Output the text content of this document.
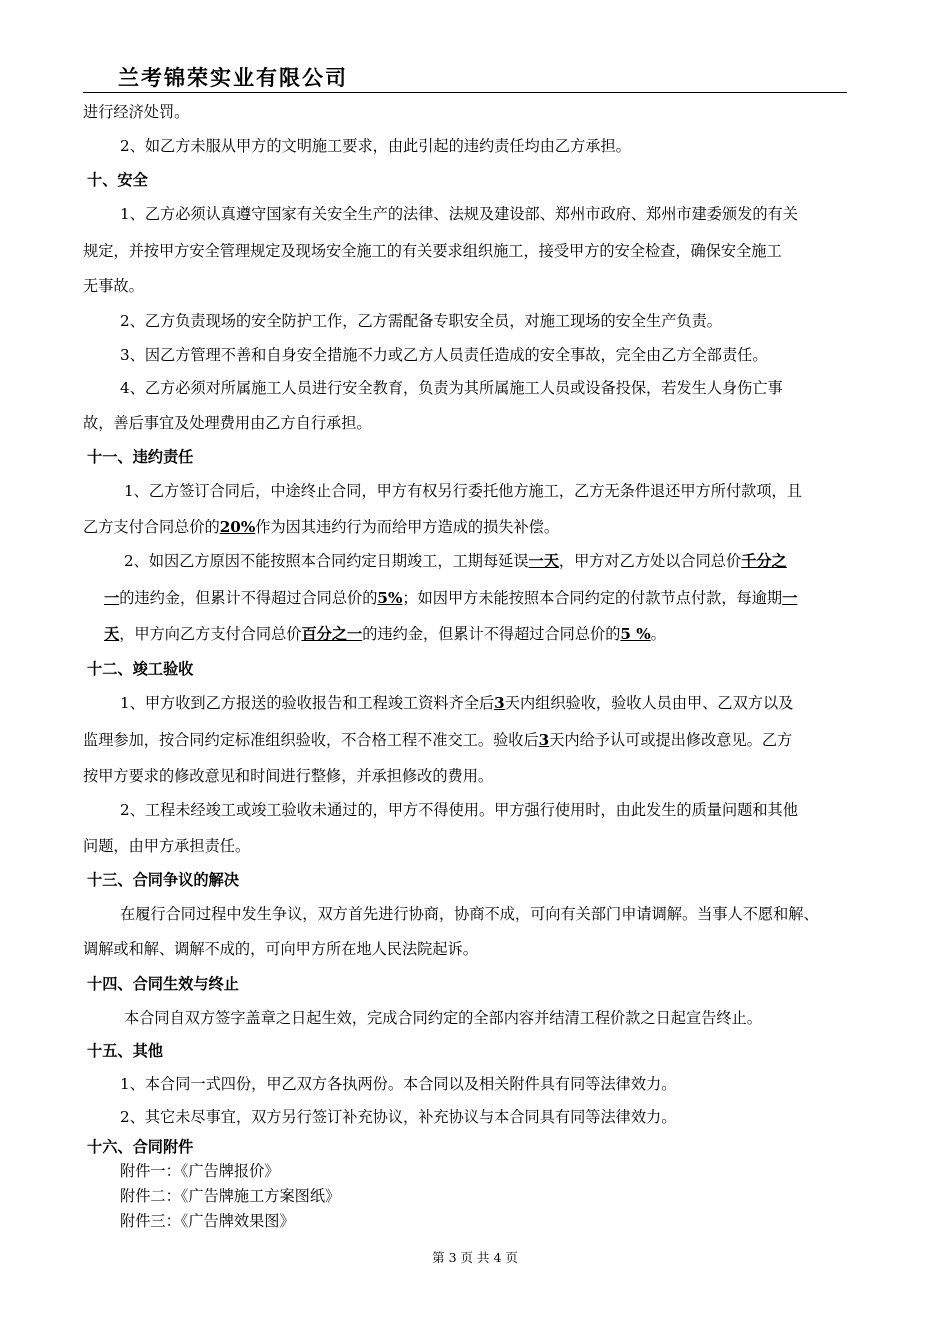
兰考锦荣实业有限公司
进行经济处罚。
2、如乙方未服从甲方的文明施工要求，由此引起的违约责任均由乙方承担。
十、安全
1、乙方必须认真遵守国家有关安全生产的法律、法规及建设部、郑州市政府、郑州市建委颁发的有关
规定，并按甲方安全管理规定及现场安全施工的有关要求组织施工，接受甲方的安全检查，确保安全施工
无事故。
2、乙方负责现场的安全防护工作，乙方需配备专职安全员，对施工现场的安全生产负责。
3、因乙方管理不善和自身安全措施不力或乙方人员责任造成的安全事故，完全由乙方全部责任。
4、乙方必须对所属施工人员进行安全教育，负责为其所属施工人员或设备投保，若发生人身伤亡事
故，善后事宜及处理费用由乙方自行承担。
十一、违约责任
1、乙方签订合同后，中途终止合同，甲方有权另行委托他方施工，乙方无条件退还甲方所付款项，且
乙方支付合同总价的20%作为因其违约行为而给甲方造成的损失补偿。
2、如因乙方原因不能按照本合同约定日期竣工，工期每延误一天，甲方对乙方处以合同总价千分之
一的违约金，但累计不得超过合同总价的5%；如因甲方未能按照本合同约定的付款节点付款，每逾期一
天，甲方向乙方支付合同总价百分之一的违约金，但累计不得超过合同总价的5 %。
十二、竣工验收
1、甲方收到乙方报送的验收报告和工程竣工资料齐全后3天内组织验收，验收人员由甲、乙双方以及
监理参加，按合同约定标准组织验收，不合格工程不准交工。验收后3天内给予认可或提出修改意见。乙方
按甲方要求的修改意见和时间进行整修，并承担修改的费用。
2、工程未经竣工或竣工验收未通过的，甲方不得使用。甲方强行使用时，由此发生的质量问题和其他
问题，由甲方承担责任。
十三、合同争议的解决
在履行合同过程中发生争议，双方首先进行协商，协商不成，可向有关部门申请调解。当事人不愿和解、
调解或和解、调解不成的，可向甲方所在地人民法院起诉。
十四、合同生效与终止
本合同自双方签字盖章之日起生效，完成合同约定的全部内容并结清工程价款之日起宣告终止。
十五、其他
1、本合同一式四份，甲乙双方各执两份。本合同以及相关附件具有同等法律效力。
2、其它未尽事宜，双方另行签订补充协议，补充协议与本合同具有同等法律效力。
十六、合同附件
附件一：《广告牌报价》
附件二：《广告牌施工方案图纸》
附件三：《广告牌效果图》
第 3 页 共 4 页
